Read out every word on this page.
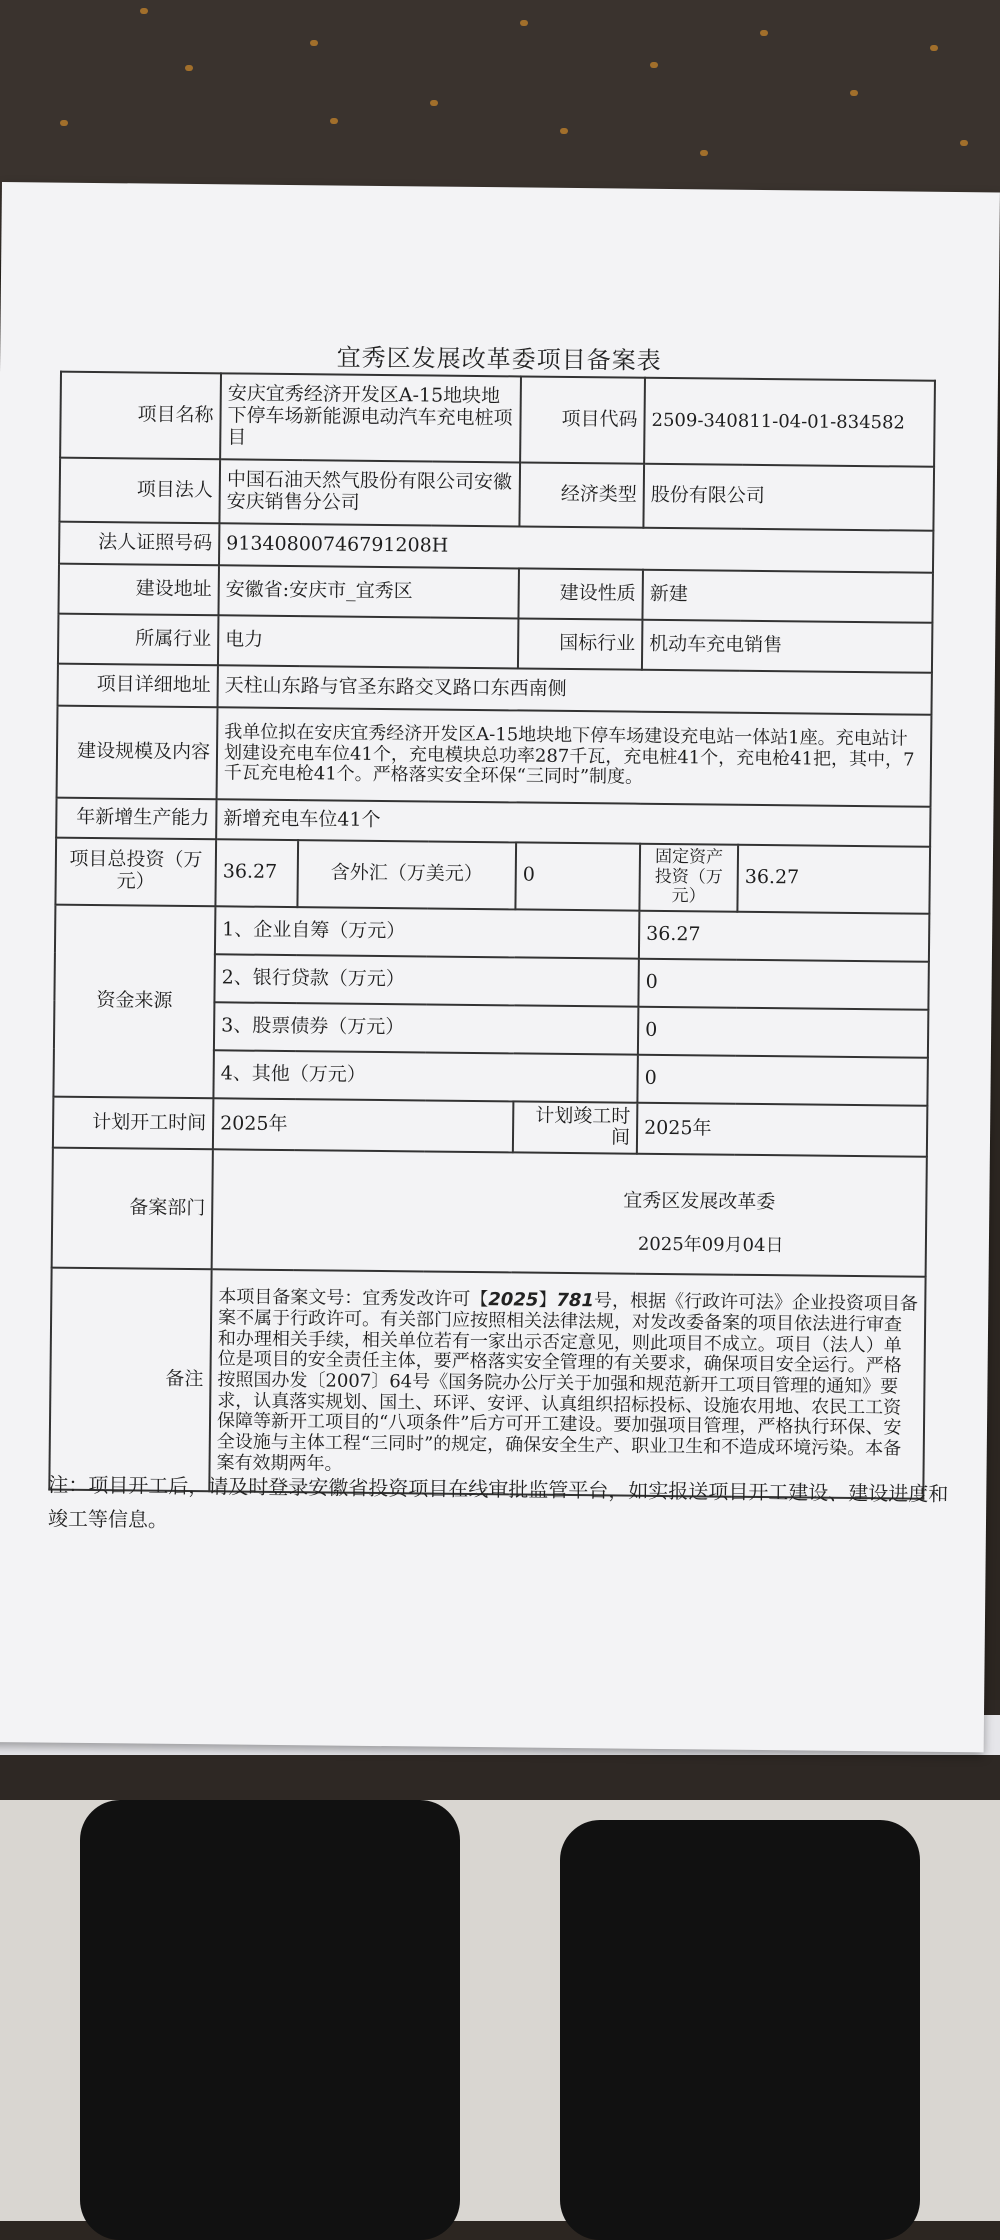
宜秀区发展改革委项目备案表
项目名称	安庆宜秀经济开发区A-15地块地下停车场新能源电动汽车充电桩项目		项目代码	2509-340811-04-01-834582	
项目法人	中国石油天然气股份有限公司安徽安庆销售分公司		经济类型	股份有限公司	
法人证照号码	91340800746791208H				
建设地址	安徽省:安庆市_宜秀区		建设性质	新建	
所属行业	电力		国标行业	机动车充电销售	
项目详细地址	天柱山东路与官圣东路交叉路口东西南侧				
建设规模及内容	我单位拟在安庆宜秀经济开发区A-15地块地下停车场建设充电站一体站1座。充电站计划建设充电车位41个，充电模块总功率287千瓦，充电桩41个，充电枪41把，其中，7千瓦充电枪41个。严格落实安全环保“三同时”制度。				
年新增生产能力	新增充电车位41个				
项目总投资（万元）	36.27	含外汇（万美元）	0	固定资产投资（万元）	36.27
资金来源	1、企业自筹（万元）			36.27	
	2、银行贷款（万元）			0	
	3、股票债券（万元）			0	
	4、其他（万元）			0	
计划开工时间	2025年		计划竣工时间	2025年	
备案部门	宜秀区发展改革委
2025年09月04日				

备注	本项目备案文号：宜秀发改许可【2025】781号，根据《行政许可法》企业投资项目备案不属于行政许可。有关部门应按照相关法律法规，对发改委备案的项目依法进行审查和办理相关手续，相关单位若有一家出示否定意见，则此项目不成立。项目（法人）单位是项目的安全责任主体，要严格落实安全管理的有关要求，确保项目安全运行。严格按照国办发〔2007〕64号《国务院办公厅关于加强和规范新开工项目管理的通知》要求，认真落实规划、国土、环评、安评、认真组织招标投标、设施农用地、农民工工资保障等新开工项目的“八项条件”后方可开工建设。要加强项目管理，严格执行环保、安全设施与主体工程“三同时”的规定，确保安全生产、职业卫生和不造成环境污染。本备案有效期两年。				
注：项目开工后，请及时登录安徽省投资项目在线审批监管平台，如实报送项目开工建设、建设进度和竣工等信息。
